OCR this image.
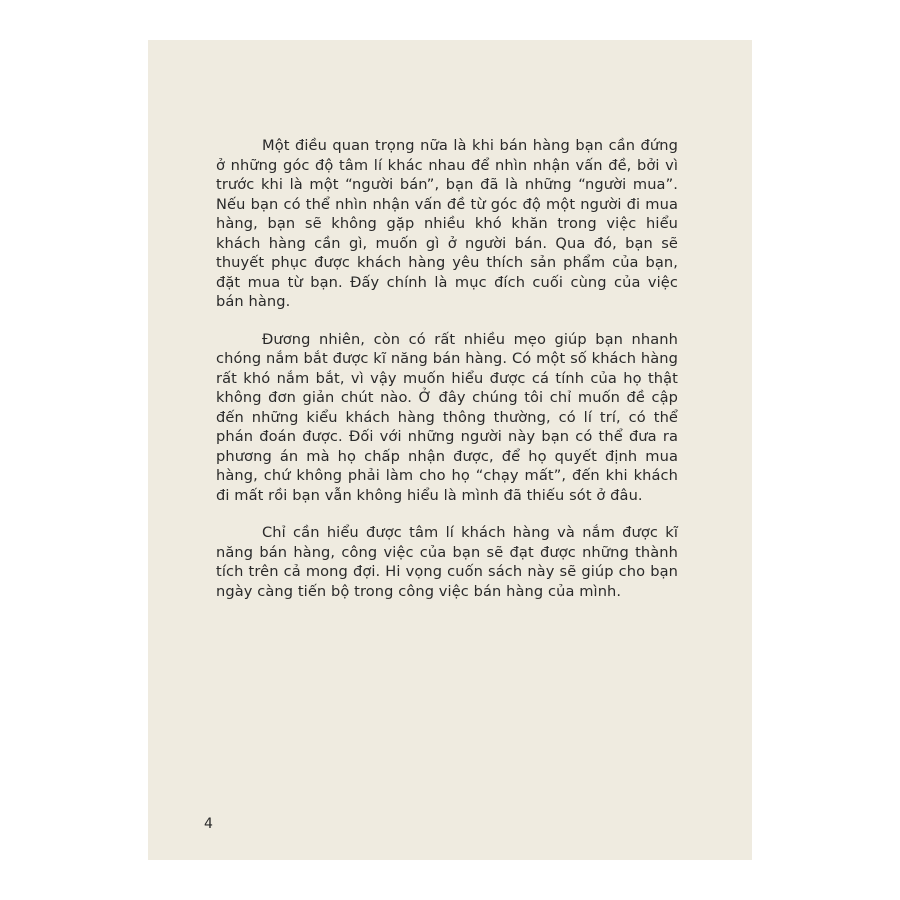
Một điều quan trọng nữa là khi bán hàng bạn cần đứng ở những góc độ tâm lí khác nhau để nhìn nhận vấn đề, bởi vì trước khi là một “người bán”, bạn đã là những “người mua”. Nếu bạn có thể nhìn nhận vấn đề từ góc độ một người đi mua hàng, bạn sẽ không gặp nhiều khó khăn trong việc hiểu khách hàng cần gì, muốn gì ở người bán. Qua đó, bạn sẽ thuyết phục được khách hàng yêu thích sản phẩm của bạn, đặt mua từ bạn. Đấy chính là mục đích cuối cùng của việc bán hàng.

Đương nhiên, còn có rất nhiều mẹo giúp bạn nhanh chóng nắm bắt được kĩ năng bán hàng. Có một số khách hàng rất khó nắm bắt, vì vậy muốn hiểu được cá tính của họ thật không đơn giản chút nào. Ở đây chúng tôi chỉ muốn đề cập đến những kiểu khách hàng thông thường, có lí trí, có thể phán đoán được. Đối với những người này bạn có thể đưa ra phương án mà họ chấp nhận được, để họ quyết định mua hàng, chứ không phải làm cho họ “chạy mất”, đến khi khách đi mất rồi bạn vẫn không hiểu là mình đã thiếu sót ở đâu.

Chỉ cần hiểu được tâm lí khách hàng và nắm được kĩ năng bán hàng, công việc của bạn sẽ đạt được những thành tích trên cả mong đợi. Hi vọng cuốn sách này sẽ giúp cho bạn ngày càng tiến bộ trong công việc bán hàng của mình.

4
